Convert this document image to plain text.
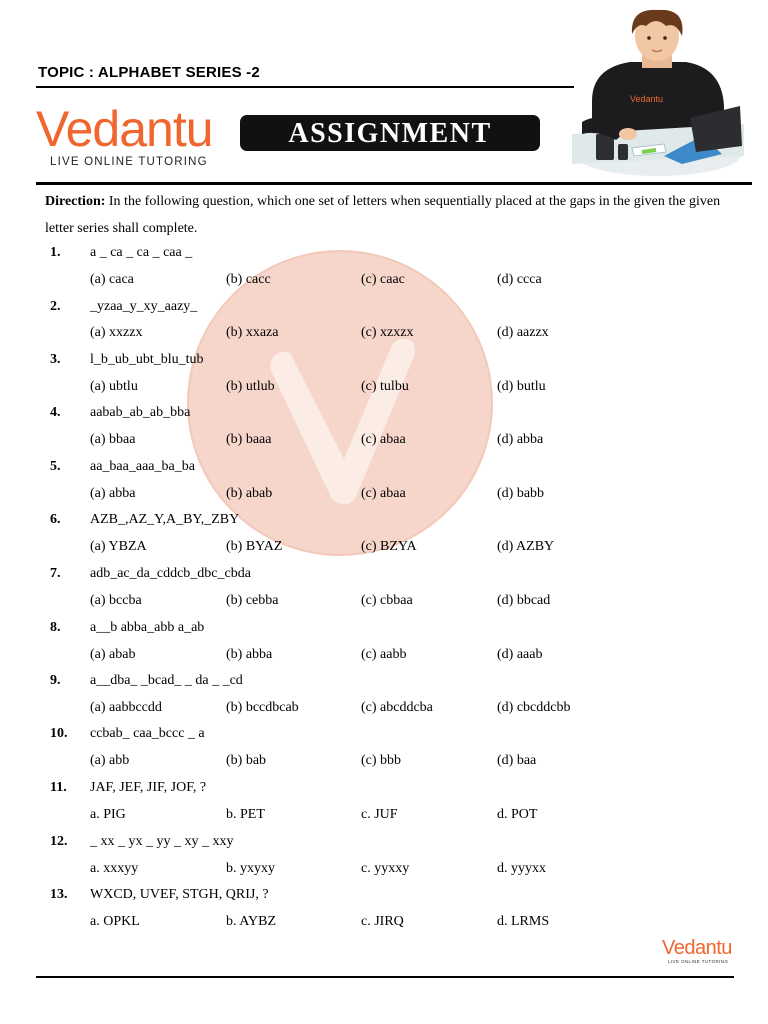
TOPIC : ALPHABET SERIES -2
Vedantu
LIVE ONLINE TUTORING
ASSIGNMENT
Vedantu
Direction: In the following question, which one set of letters when sequentially placed at the gaps in the given the given letter series shall complete.
1. a _ ca _ ca _ caa _
(a) caca	(b) cacc	(c) caac	(d) ccca
2. _yzaa_y_xy_aazy_
(a) xxzzx	(b) xxaza	(c) xzxzx	(d) aazzx
3. l_b_ub_ubt_blu_tub
(a) ubtlu	(b) utlub	(c) tulbu	(d) butlu
4. aabab_ab_ab_bba
(a) bbaa	(b) baaa	(c) abaa	(d) abba
5. aa_baa_aaa_ba_ba
(a) abba	(b) abab	(c) abaa	(d) babb
6. AZB_,AZ_Y,A_BY,_ZBY
(a) YBZA	(b) BYAZ	(c) BZYA	(d) AZBY
7. adb_ac_da_cddcb_dbc_cbda
(a) bccba	(b) cebba	(c) cbbaa	(d) bbcad
8. a__b abba_abb a_ab
(a) abab	(b) abba	(c) aabb	(d) aaab
9. a__dba_ _bcad_ _ da _ _cd
(a) aabbccdd	(b) bccdbcab	(c) abcddcba	(d) cbcddcbb
10. ccbab_ caa_bccc _ a
(a) abb	(b) bab	(c) bbb	(d) baa
11. JAF, JEF, JIF, JOF, ?
a. PIG	b. PET	c. JUF	d. POT
12. _ xx _ yx _ yy _ xy _ xxy
a. xxxyy	b. yxyxy	c. yyxxy	d. yyyxx
13. WXCD, UVEF, STGH, QRIJ, ?
a. OPKL	b. AYBZ	c. JIRQ	d. LRMS
Vedantu
LIVE ONLINE TUTORING
